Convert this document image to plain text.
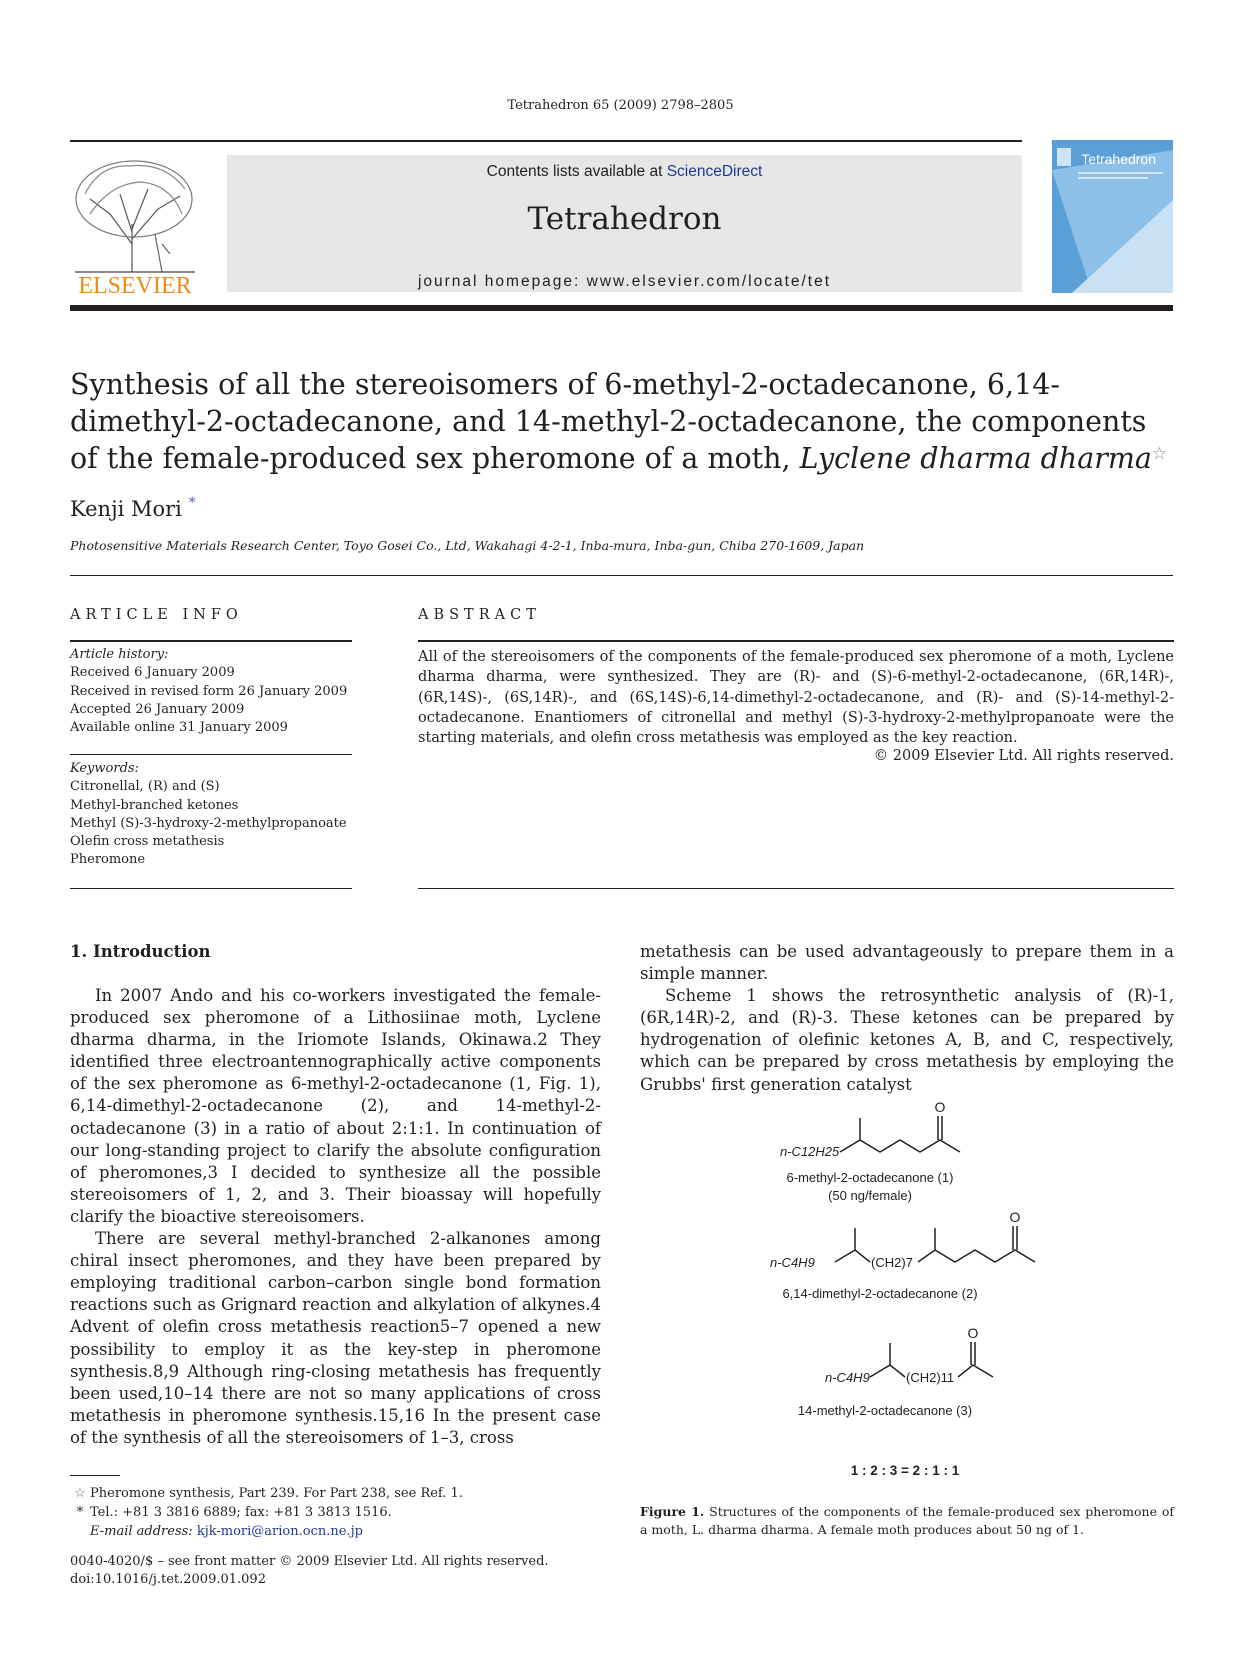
Tetrahedron 65 (2009) 2798–2805
ELSEVIER
Contents lists available at ScienceDirect
Tetrahedron
journal homepage: www.elsevier.com/locate/tet
Tetrahedron
Synthesis of all the stereoisomers of 6-methyl-2-octadecanone, 6,14-dimethyl-2-octadecanone, and 14-methyl-2-octadecanone, the components of the female-produced sex pheromone of a moth, Lyclene dharma dharma☆
Kenji Mori *
Photosensitive Materials Research Center, Toyo Gosei Co., Ltd, Wakahagi 4-2-1, Inba-mura, Inba-gun, Chiba 270-1609, Japan
ARTICLE INFO
Article history:
Received 6 January 2009
Received in revised form 26 January 2009
Accepted 26 January 2009
Available online 31 January 2009
Keywords:
Citronellal, (R) and (S)
Methyl-branched ketones
Methyl (S)-3-hydroxy-2-methylpropanoate
Olefin cross metathesis
Pheromone
ABSTRACT
All of the stereoisomers of the components of the female-produced sex pheromone of a moth, Lyclene dharma dharma, were synthesized. They are (R)- and (S)-6-methyl-2-octadecanone, (6R,14R)-, (6R,14S)-, (6S,14R)-, and (6S,14S)-6,14-dimethyl-2-octadecanone, and (R)- and (S)-14-methyl-2-octadecanone. Enantiomers of citronellal and methyl (S)-3-hydroxy-2-methylpropanoate were the starting materials, and olefin cross metathesis was employed as the key reaction.
© 2009 Elsevier Ltd. All rights reserved.
1. Introduction

In 2007 Ando and his co-workers investigated the female-produced sex pheromone of a Lithosiinae moth, Lyclene dharma dharma, in the Iriomote Islands, Okinawa.2 They identified three electroantennographically active components of the sex pheromone as 6-methyl-2-octadecanone (1, Fig. 1), 6,14-dimethyl-2-octadecanone (2), and 14-methyl-2-octadecanone (3) in a ratio of about 2:1:1. In continuation of our long-standing project to clarify the absolute configuration of pheromones,3 I decided to synthesize all the possible stereoisomers of 1, 2, and 3. Their bioassay will hopefully clarify the bioactive stereoisomers.

There are several methyl-branched 2-alkanones among chiral insect pheromones, and they have been prepared by employing traditional carbon–carbon single bond formation reactions such as Grignard reaction and alkylation of alkynes.4 Advent of olefin cross metathesis reaction5–7 opened a new possibility to employ it as the key-step in pheromone synthesis.8,9 Although ring-closing metathesis has frequently been used,10–14 there are not so many applications of cross metathesis in pheromone synthesis.15,16 In the present case of the synthesis of all the stereoisomers of 1–3, cross

metathesis can be used advantageously to prepare them in a simple manner.

Scheme 1 shows the retrosynthetic analysis of (R)-1, (6R,14R)-2, and (R)-3. These ketones can be prepared by hydrogenation of olefinic ketones A, B, and C, respectively, which can be prepared by cross metathesis by employing the Grubbs' first generation catalyst

O
O
O
n-C12H25
6-methyl-2-octadecanone (1)
(50 ng/female)
n-C4H9	(CH2)7
6,14-dimethyl-2-octadecanone (2)
n-C4H9	(CH2)11
14-methyl-2-octadecanone (3)
1 : 2 : 3 = 2 : 1 : 1
Figure 1. Structures of the components of the female-produced sex pheromone of a moth, L. dharma dharma. A female moth produces about 50 ng of 1.
☆ Pheromone synthesis, Part 239. For Part 238, see Ref. 1.
* Tel.: +81 3 3816 6889; fax: +81 3 3813 1516.
E-mail address: kjk-mori@arion.ocn.ne.jp
0040-4020/$ – see front matter © 2009 Elsevier Ltd. All rights reserved.
doi:10.1016/j.tet.2009.01.092
